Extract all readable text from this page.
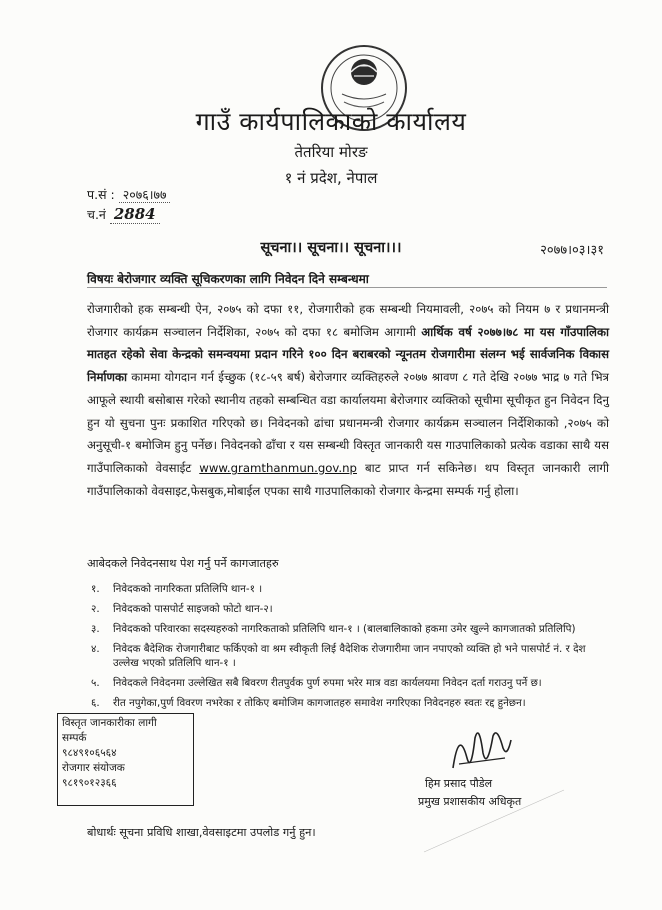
गाउँ कार्यपालिकाको कार्यालय
तेतरिया मोरङ
१ नं प्रदेश, नेपाल
प.सं : २०७६।७७
च.नं 2884
सूचना।। सूचना।। सूचना।।।	२०७७।०३।३१
विषयः बेरोजगार व्यक्ति सूचिकरणका लागि निवेदन दिने सम्बन्धमा
रोजगारीको हक सम्बन्धी ऐन, २०७५ को दफा ११, रोजगारीको हक सम्बन्धी नियमावली, २०७५ को नियम ७ र प्रधानमन्त्री रोजगार कार्यक्रम सञ्चालन निर्देशिका, २०७५ को दफा १८ बमोजिम आगामी आर्थिक वर्ष २०७७।७८ मा यस गाँउपालिका मातहत रहेको सेवा केन्द्रको समन्वयमा प्रदान गरिने १०० दिन बराबरको न्यूनतम रोजगारीमा संलग्न भई सार्वजनिक विकास निर्माणका काममा योगदान गर्न ईच्छुक (१८-५९ बर्ष) बेरोजगार व्यक्तिहरुले २०७७ श्रावण ८ गते देखि २०७७ भाद्र ७ गते भित्र आफूले स्थायी बसोबास गरेको स्थानीय तहको सम्बन्धित वडा कार्यालयमा बेरोजगार व्यक्तिको सूचीमा सूचीकृत हुन निवेदन दिनु हुन यो सुचना पुनः प्रकाशित गरिएको छ। निवेदनको ढांचा प्रधानमन्त्री रोजगार कार्यक्रम सञ्चालन निर्देशिकाको ,२०७५ को अनुसूची-१ बमोजिम हुनु पर्नेछ। निवेदनको ढाँचा र यस सम्बन्धी विस्तृत जानकारी यस गाउपालिकाको प्रत्येक वडाका साथै यस गाउँपालिकाको वेवसाईट www.gramthanmun.gov.np बाट प्राप्त गर्न सकिनेछ। थप विस्तृत जानकारी लागी गाउँपालिकाको वेवसाइट,फेसबुक,मोबाईल एपका साथै गाउपालिकाको रोजगार केन्द्रमा सम्पर्क गर्नु होला।
आबेदकले निवेदनसाथ पेश गर्नु पर्ने कागजातहरु
१. निवेदकको नागरिकता प्रतिलिपि थान-१ ।
२. निवेदकको पासपोर्ट साइजको फोटो थान-२।
३. निवेदकको परिवारका सदस्यहरुको नागरिकताको प्रतिलिपि थान-१ । (बालबालिकाको हकमा उमेर खुल्ने कागजातको प्रतिलिपि)
४. निवेदक बैदेशिक रोजगारीबाट फर्किएको वा श्रम स्वीकृती लिई वैदेशिक रोजगारीमा जान नपाएको व्यक्ति हो भने पासपोर्ट नं. र देश उल्लेख भएको प्रतिलिपि थान-१ ।
५. निवेदकले निवेदनमा उल्लेखित सबै बिवरण रीतपुर्वक पुर्ण रुपमा भरेर मात्र वडा कार्यलयमा निवेदन दर्ता गराउनु पर्ने छ।
६. रीत नपुगेका,पुर्ण विवरण नभरेका र तोकिए बमोजिम कागजातहरु समावेश नगरिएका निवेदनहरु स्वतः रद्द हुनेछन।
विस्तृत जानकारीका लागी
सम्पर्क
९८४९१०६५६४
रोजगार संयोजक
९८१९०१२३६६	हिम प्रसाद पौडेल
प्रमुख प्रशासकीय अधिकृत
बोधार्थः सूचना प्रविधि शाखा,वेवसाइटमा उपलोड गर्नु हुन।
